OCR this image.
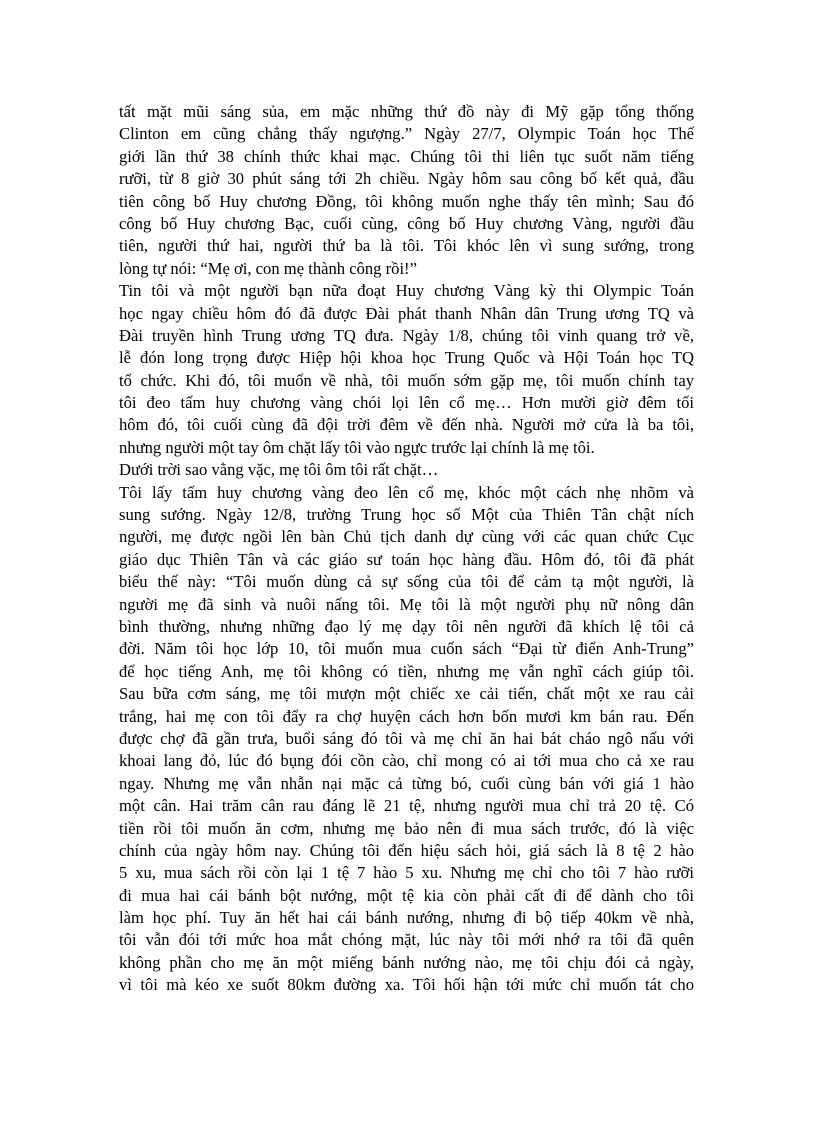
tất mặt mũi sáng sủa, em mặc những thứ đồ này đi Mỹ gặp tổng thống
Clinton em cũng chẳng thấy ngượng.” Ngày 27/7, Olympic Toán học Thế
giới lần thứ 38 chính thức khai mạc. Chúng tôi thi liên tục suốt năm tiếng
rưỡi, từ 8 giờ 30 phút sáng tới 2h chiều. Ngày hôm sau công bố kết quả, đầu
tiên công bố Huy chương Đồng, tôi không muốn nghe thấy tên mình; Sau đó
công bố Huy chương Bạc, cuối cùng, công bố Huy chương Vàng, người đầu
tiên, người thứ hai, người thứ ba là tôi. Tôi khóc lên vì sung sướng, trong
lòng tự nói: “Mẹ ơi, con mẹ thành công rồi!”
Tin tôi và một người bạn nữa đoạt Huy chương Vàng kỳ thi Olympic Toán
học ngay chiều hôm đó đã được Đài phát thanh Nhân dân Trung ương TQ và
Đài truyền hình Trung ương TQ đưa. Ngày 1/8, chúng tôi vinh quang trở về,
lễ đón long trọng được Hiệp hội khoa học Trung Quốc và Hội Toán học TQ
tổ chức. Khi đó, tôi muốn về nhà, tôi muốn sớm gặp mẹ, tôi muốn chính tay
tôi đeo tấm huy chương vàng chói lọi lên cổ mẹ… Hơn mười giờ đêm tối
hôm đó, tôi cuối cùng đã đội trời đêm về đến nhà. Người mở cửa là ba tôi,
nhưng người một tay ôm chặt lấy tôi vào ngực trước lại chính là mẹ tôi.
Dưới trời sao vằng vặc, mẹ tôi ôm tôi rất chặt…
Tôi lấy tấm huy chương vàng đeo lên cổ mẹ, khóc một cách nhẹ nhõm và
sung sướng. Ngày 12/8, trường Trung học số Một của Thiên Tân chật ních
người, mẹ được ngồi lên bàn Chủ tịch danh dự cùng với các quan chức Cục
giáo dục Thiên Tân và các giáo sư toán học hàng đầu. Hôm đó, tôi đã phát
biểu thế này: “Tôi muốn dùng cả sự sống của tôi để cảm tạ một người, là
người mẹ đã sinh và nuôi nấng tôi. Mẹ tôi là một người phụ nữ nông dân
bình thường, nhưng những đạo lý mẹ dạy tôi nên người đã khích lệ tôi cả
đời. Năm tôi học lớp 10, tôi muốn mua cuốn sách “Đại từ điển Anh-Trung”
để học tiếng Anh, mẹ tôi không có tiền, nhưng mẹ vẫn nghĩ cách giúp tôi.
Sau bữa cơm sáng, mẹ tôi mượn một chiếc xe cải tiến, chất một xe rau cải
trắng, hai mẹ con tôi đẩy ra chợ huyện cách hơn bốn mươi km bán rau. Đến
được chợ đã gần trưa, buổi sáng đó tôi và mẹ chỉ ăn hai bát cháo ngô nấu với
khoai lang đỏ, lúc đó bụng đói cồn cào, chỉ mong có ai tới mua cho cả xe rau
ngay. Nhưng mẹ vẫn nhẫn nại mặc cả từng bó, cuối cùng bán với giá 1 hào
một cân. Hai trăm cân rau đáng lẽ 21 tệ, nhưng người mua chỉ trả 20 tệ. Có
tiền rồi tôi muốn ăn cơm, nhưng mẹ bảo nên đi mua sách trước, đó là việc
chính của ngày hôm nay. Chúng tôi đến hiệu sách hỏi, giá sách là 8 tệ 2 hào
5 xu, mua sách rồi còn lại 1 tệ 7 hào 5 xu. Nhưng mẹ chỉ cho tôi 7 hào rưỡi
đi mua hai cái bánh bột nướng, một tệ kia còn phải cất đi để dành cho tôi
làm học phí. Tuy ăn hết hai cái bánh nướng, nhưng đi bộ tiếp 40km về nhà,
tôi vẫn đói tới mức hoa mắt chóng mặt, lúc này tôi mới nhớ ra tôi đã quên
không phần cho mẹ ăn một miếng bánh nướng nào, mẹ tôi chịu đói cả ngày,
vì tôi mà kéo xe suốt 80km đường xa. Tôi hối hận tới mức chỉ muốn tát cho
